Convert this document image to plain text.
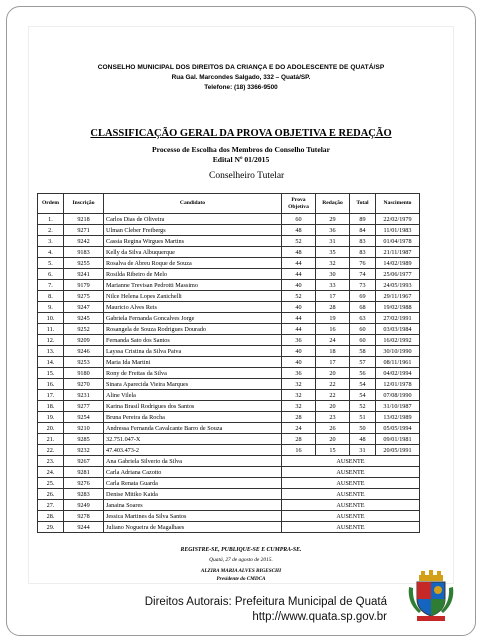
CONSELHO MUNICIPAL DOS DIREITOS DA CRIANÇA E DO ADOLESCENTE DE QUATÁ/SP
Rua Gal. Marcondes Salgado, 332 – Quatá/SP.
Telefone: (18) 3366-9500
CLASSIFICAÇÃO GERAL DA PROVA OBJETIVA E REDAÇÃO
Processo de Escolha dos Membros do Conselho Tutelar
Edital Nº 01/2015
Conselheiro Tutelar
Ordem	Inscrição	Candidato	Prova Objetiva	Redação	Total	Nascimento
1.	9218	Carlos Dias de Oliveira	60	29	89	22/02/1979
2.	9271	Ulman Cleber Freibergs	48	36	84	11/01/1983
3.	9242	Cassia Regina Wirgues Martins	52	31	83	01/04/1978
4.	9183	Kelly da Silva Albuquerque	48	35	83	21/11/1987
5.	9255	Rosalva de Abreu Roque de Souza	44	32	76	14/02/1989
6.	9241	Rosilda Ribeiro de Melo	44	30	74	25/06/1977
7.	9179	Marianne Trevisan Pedrotti Massimo	40	33	73	24/05/1993
8.	9275	Nilce Helena Lopes Zanichelli	52	17	69	29/11/1967
9.	9247	Mauricio Alves Reis	40	28	68	19/02/1988
10.	9245	Gabriela Fernanda Goncalves Jorge	44	19	63	27/02/1991
11.	9252	Rosangela de Souza Rodrigues Dourado	44	16	60	03/03/1984
12.	9209	Fernanda Sato dos Santos	36	24	60	16/02/1992
13.	9246	Layssa Cristina da Silva Paiva	40	18	58	30/10/1990
14.	9253	Maria Ida Martini	40	17	57	08/11/1961
15.	9180	Rony de Freitas da Silva	36	20	56	04/02/1994
16.	9270	Sinara Aparecida Vieira Marques	32	22	54	12/01/1978
17.	9231	Aline Vilela	32	22	54	07/08/1990
18.	9277	Karina Brasil Rodrigues dos Santos	32	20	52	31/10/1987
19.	9254	Bruna Pereira da Rocha	28	23	51	13/02/1989
20.	9210	Andressa Fernanda Cavalcante Barro de Souza	24	26	50	05/05/1994
21.	9285	32.751.047-X	28	20	48	09/01/1981
22.	9232	47.403.473-2	16	15	31	20/05/1991
23.	9267	Ana Gabriela Silverio da Silva	AUSENTE			
24.	9281	Carla Adriana Cazotto	AUSENTE			
25.	9276	Carla Renata Guarda	AUSENTE			
26.	9283	Denise Mitiko Kaida	AUSENTE			
27.	9249	Janaina Soares	AUSENTE			
28.	9278	Jessica Martines da Silva Santos	AUSENTE			
29.	9244	Juliano Nogueira de Magalhaes	AUSENTE			
REGISTRE-SE, PUBLIQUE-SE E CUMPRA-SE.
Quatá, 27 de agosto de 2015.
ALZIRA MARIA ALVES BIGESCHI
Presidente do CMDCA
Direitos Autorais: Prefeitura Municipal de Quatá
http://www.quata.sp.gov.br
